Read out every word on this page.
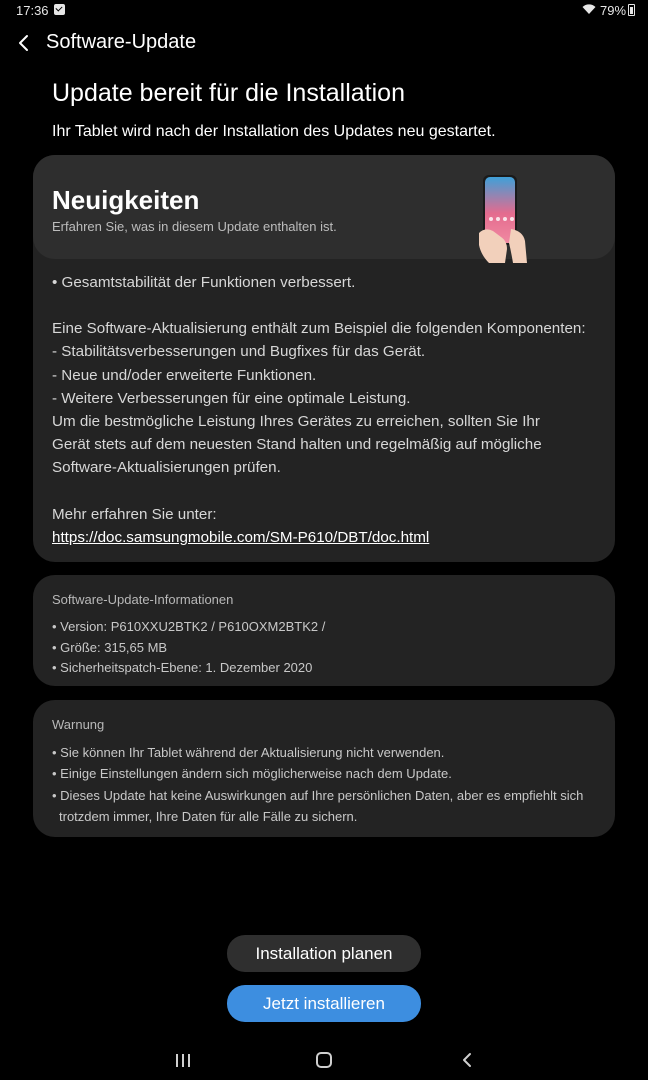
17:36	79%
Software-Update
Update bereit für die Installation
Ihr Tablet wird nach der Installation des Updates neu gestartet.
Neuigkeiten
Erfahren Sie, was in diesem Update enthalten ist.
• Gesamtstabilität der Funktionen verbessert.
Eine Software-Aktualisierung enthält zum Beispiel die folgenden Komponenten:
- Stabilitätsverbesserungen und Bugfixes für das Gerät.
- Neue und/oder erweiterte Funktionen.
- Weitere Verbesserungen für eine optimale Leistung.
Um die bestmögliche Leistung Ihres Gerätes zu erreichen, sollten Sie Ihr
Gerät stets auf dem neuesten Stand halten und regelmäßig auf mögliche
Software-Aktualisierungen prüfen.
Mehr erfahren Sie unter:
https://doc.samsungmobile.com/SM-P610/DBT/doc.html
Software-Update-Informationen
• Version: P610XXU2BTK2 / P610OXM2BTK2 /
• Größe: 315,65 MB
• Sicherheitspatch-Ebene: 1. Dezember 2020
Warnung
• Sie können Ihr Tablet während der Aktualisierung nicht verwenden.
• Einige Einstellungen ändern sich möglicherweise nach dem Update.
• Dieses Update hat keine Auswirkungen auf Ihre persönlichen Daten, aber es empfiehlt sich
trotzdem immer, Ihre Daten für alle Fälle zu sichern.
Installation planen
Jetzt installieren
